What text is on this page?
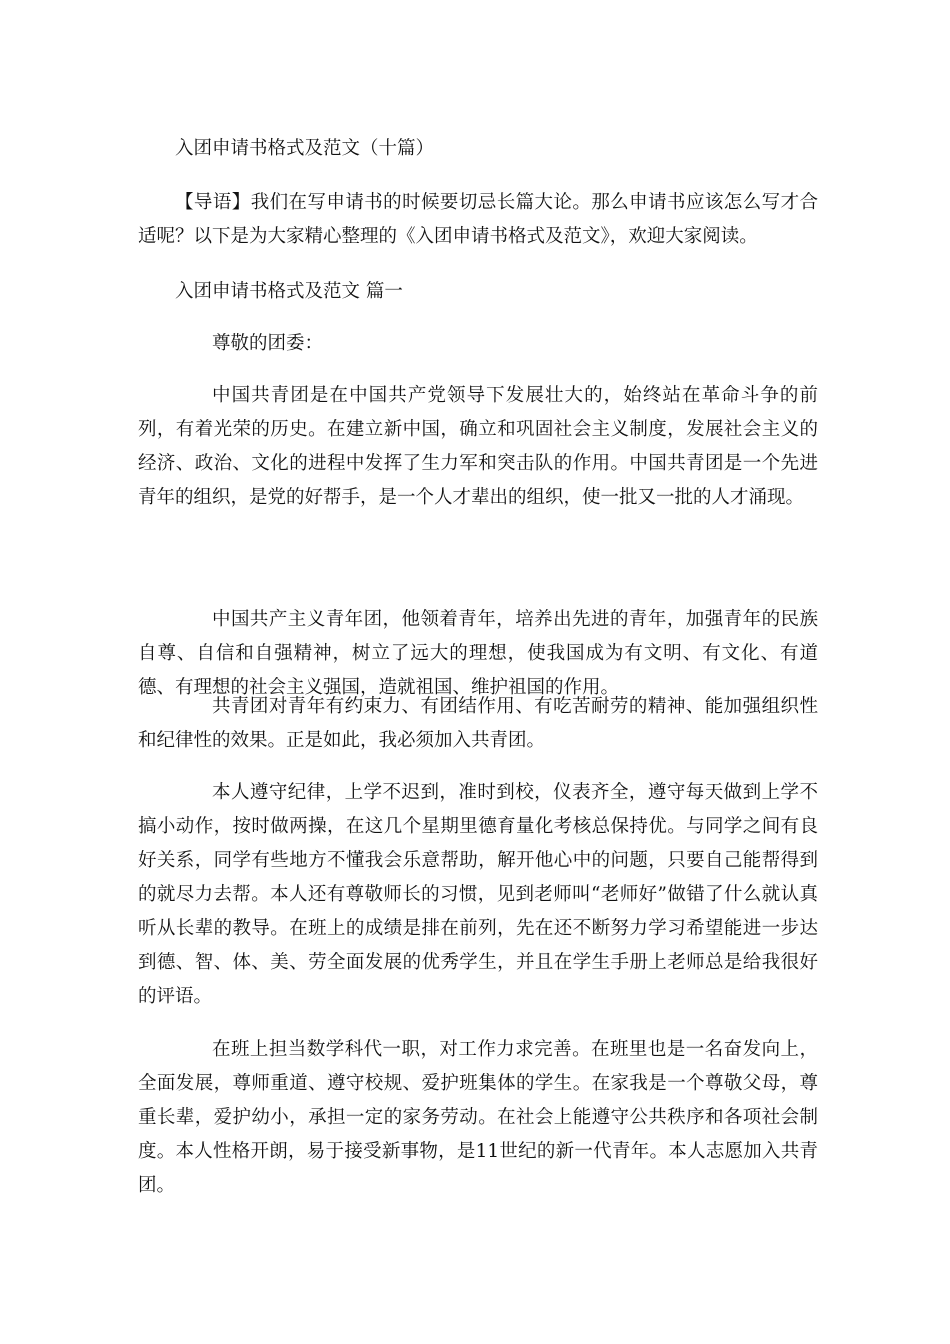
入团申请书格式及范文（十篇）

【导语】我们在写申请书的时候要切忌长篇大论。那么申请书应该怎么写才合适呢？以下是为大家精心整理的《入团申请书格式及范文》，欢迎大家阅读。

入团申请书格式及范文 篇一

尊敬的团委：

中国共青团是在中国共产党领导下发展壮大的，始终站在革命斗争的前列，有着光荣的历史。在建立新中国，确立和巩固社会主义制度，发展社会主义的经济、政治、文化的进程中发挥了生力军和突击队的作用。中国共青团是一个先进青年的组织，是党的好帮手，是一个人才辈出的组织，使一批又一批的人才涌现。

中国共产主义青年团，他领着青年，培养出先进的青年，加强青年的民族自尊、自信和自强精神，树立了远大的理想，使我国成为有文明、有文化、有道德、有理想的社会主义强国，造就祖国、维护祖国的作用。

共青团对青年有约束力、有团结作用、有吃苦耐劳的精神、能加强组织性和纪律性的效果。正是如此，我必须加入共青团。

本人遵守纪律，上学不迟到，准时到校，仪表齐全，遵守每天做到上学不搞小动作，按时做两操，在这几个星期里德育量化考核总保持优。与同学之间有良好关系，同学有些地方不懂我会乐意帮助，解开他心中的问题，只要自己能帮得到的就尽力去帮。本人还有尊敬师长的习惯，见到老师叫“老师好”做错了什么就认真听从长辈的教导。在班上的成绩是排在前列，先在还不断努力学习希望能进一步达到德、智、体、美、劳全面发展的优秀学生，并且在学生手册上老师总是给我很好的评语。

在班上担当数学科代一职，对工作力求完善。在班里也是一名奋发向上，全面发展，尊师重道、遵守校规、爱护班集体的学生。在家我是一个尊敬父母，尊重长辈，爱护幼小，承担一定的家务劳动。在社会上能遵守公共秩序和各项社会制度。本人性格开朗，易于接受新事物，是11世纪的新一代青年。本人志愿加入共青团。
